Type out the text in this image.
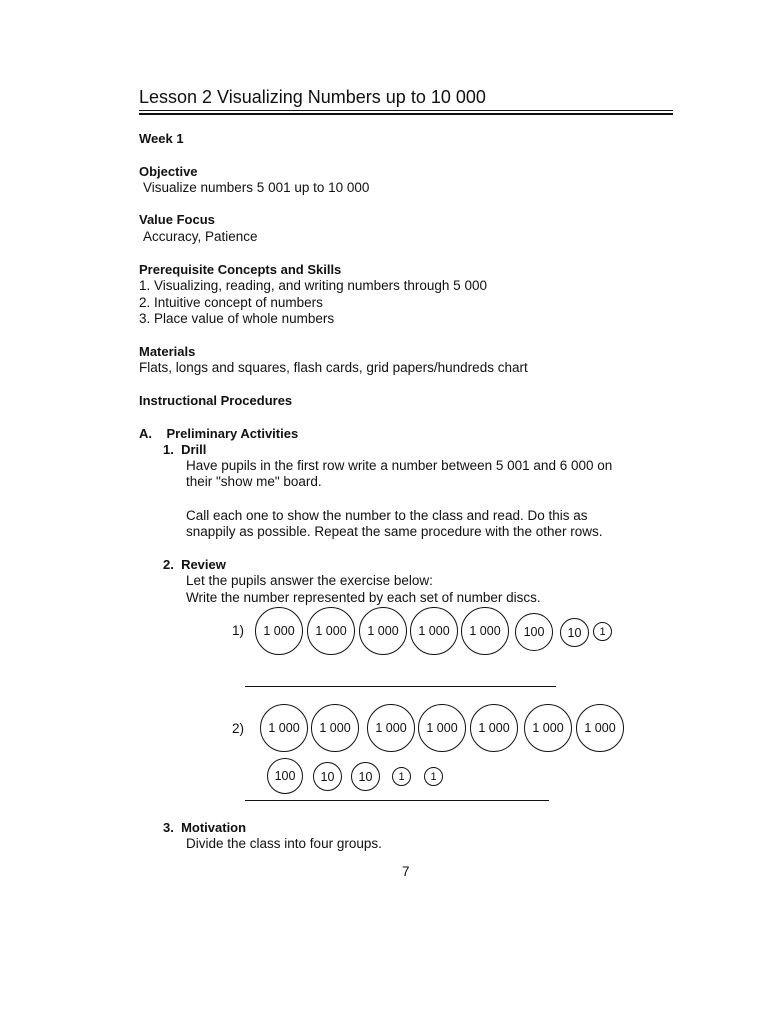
Lesson 2 Visualizing Numbers up to 10 000
Week 1
Objective
Visualize numbers 5 001 up to 10 000
Value Focus
Accuracy, Patience
Prerequisite Concepts and Skills
1. Visualizing, reading, and writing numbers through 5 000
2. Intuitive concept of numbers
3. Place value of whole numbers
Materials
Flats, longs and squares, flash cards, grid papers/hundreds chart
Instructional Procedures
A.    Preliminary Activities
1.  Drill
Have pupils in the first row write a number between 5 001 and 6 000 on
their "show me" board.
Call each one to show the number to the class and read. Do this as
snappily as possible. Repeat the same procedure with the other rows.
2.  Review
Let the pupils answer the exercise below:
Write the number represented by each set of number discs.
1)	1 000	1 000	1 000	1 000	1 000	100	10	1
2)	1 000	1 000	1 000	1 000	1 000	1 000	1 000
100	10	10	1	1
3.  Motivation
Divide the class into four groups.
7
